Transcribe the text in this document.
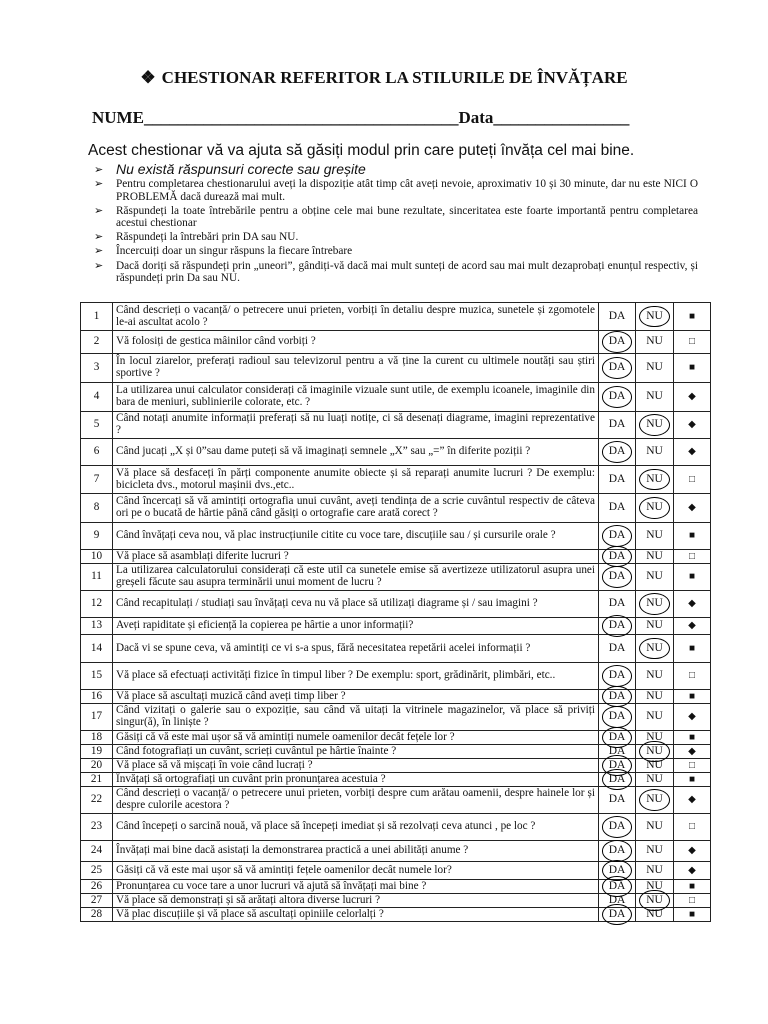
❖ CHESTIONAR REFERITOR LA STILURILE DE ÎNVĂȚARE
NUME_____________________________________Data________________
Acest chestionar vă va ajuta să găsiți modul prin care puteți învăța cel mai bine.
➢ Nu există răspunsuri corecte sau greșite
➢ Pentru completarea chestionarului aveți la dispoziție atât timp cât aveți nevoie, aproximativ 10 și 30 minute, dar nu este NICI O PROBLEMĂ dacă durează mai mult.
➢ Răspundeți la toate întrebările pentru a obține cele mai bune rezultate, sinceritatea este foarte importantă pentru completarea acestui chestionar
➢ Răspundeți la întrebări prin DA sau NU.
➢ Încercuiți doar un singur răspuns la fiecare întrebare
➢ Dacă doriți să răspundeți prin „uneori”, gândiți-vă dacă mai mult sunteți de acord sau mai mult dezaprobați enunțul respectiv, și răspundeți prin Da sau NU.
1	Când descrieți o vacanță/ o petrecere unui prieten, vorbiți în detaliu despre muzica, sunetele și zgomotele le-ai ascultat acolo ?	DA	NU	■
2	Vă folosiți de gestica mâinilor când vorbiți ?	DA	NU	□
3	În locul ziarelor, preferați radioul sau televizorul pentru a vă ține la curent cu ultimele noutăți sau știri sportive ?	DA	NU	■
4	La utilizarea unui calculator considerați că imaginile vizuale sunt utile, de exemplu icoanele, imaginile din bara de meniuri, sublinierile colorate, etc. ?	DA	NU	◆
5	Când notați anumite informații preferați să nu luați notițe, ci să desenați diagrame, imagini reprezentative ?	DA	NU	◆
6	Când jucați „X și 0”sau dame puteți să vă imaginați semnele „X” sau „=” în diferite poziții ?	DA	NU	◆
7	Vă place să desfaceți în părți componente anumite obiecte și să reparați anumite lucruri ? De exemplu: bicicleta dvs., motorul mașinii dvs.,etc..	DA	NU	□
8	Când încercați să vă amintiți ortografia unui cuvânt, aveți tendința de a scrie cuvântul respectiv de câteva ori pe o bucată de hârtie până când găsiți o ortografie care arată corect ?	DA	NU	◆
9	Când învățați ceva nou, vă plac instrucțiunile citite cu voce tare, discuțiile sau / și cursurile orale ?	DA	NU	■
10	Vă place să asamblați diferite lucruri ?	DA	NU	□
11	La utilizarea calculatorului considerați că este util ca sunetele emise să avertizeze utilizatorul asupra unei greșeli făcute sau asupra terminării unui moment de lucru ?	DA	NU	■
12	Când recapitulați / studiați sau învățați ceva nu vă place să utilizați diagrame și / sau imagini ?	DA	NU	◆
13	Aveți rapiditate și eficiență la copierea pe hârtie a unor informații?	DA	NU	◆
14	Dacă vi se spune ceva, vă amintiți ce vi s-a spus, fără necesitatea repetării acelei informații ?	DA	NU	■
15	Vă place să efectuați activități fizice în timpul liber ? De exemplu: sport, grădinărit, plimbări, etc..	DA	NU	□
16	Vă place să ascultați muzică când aveți timp liber ?	DA	NU	■
17	Când vizitați o galerie sau o expoziție, sau când vă uitați la vitrinele magazinelor, vă place să priviți singur(ă), în liniște ?	DA	NU	◆
18	Găsiți că vă este mai ușor să vă amintiți numele oamenilor decât fețele lor ?	DA	NU	■
19	Când fotografiați un cuvânt, scrieți cuvântul pe hârtie înainte ?	DA	NU	◆
20	Vă place să vă mișcați în voie când lucrați ?	DA	NU	□
21	Învățați să ortografiați un cuvânt prin pronunțarea acestuia ?	DA	NU	■
22	Când descrieți o vacanță/ o petrecere unui prieten, vorbiți despre cum arătau oamenii, despre hainele lor și despre culorile acestora ?	DA	NU	◆
23	Când începeți o sarcină nouă, vă place să începeți imediat și să rezolvați ceva atunci , pe loc ?	DA	NU	□
24	Învățați mai bine dacă asistați la demonstrarea practică a unei abilități anume ?	DA	NU	◆
25	Găsiți că vă este mai ușor să vă amintiți fețele oamenilor decât numele lor?	DA	NU	◆
26	Pronunțarea cu voce tare a unor lucruri vă ajută să învățați mai bine ?	DA	NU	■
27	Vă place să demonstrați și să arătați altora diverse lucruri ?	DA	NU	□
28	Vă plac discuțiile și vă place să ascultați opiniile celorlalți ?	DA	NU	■
